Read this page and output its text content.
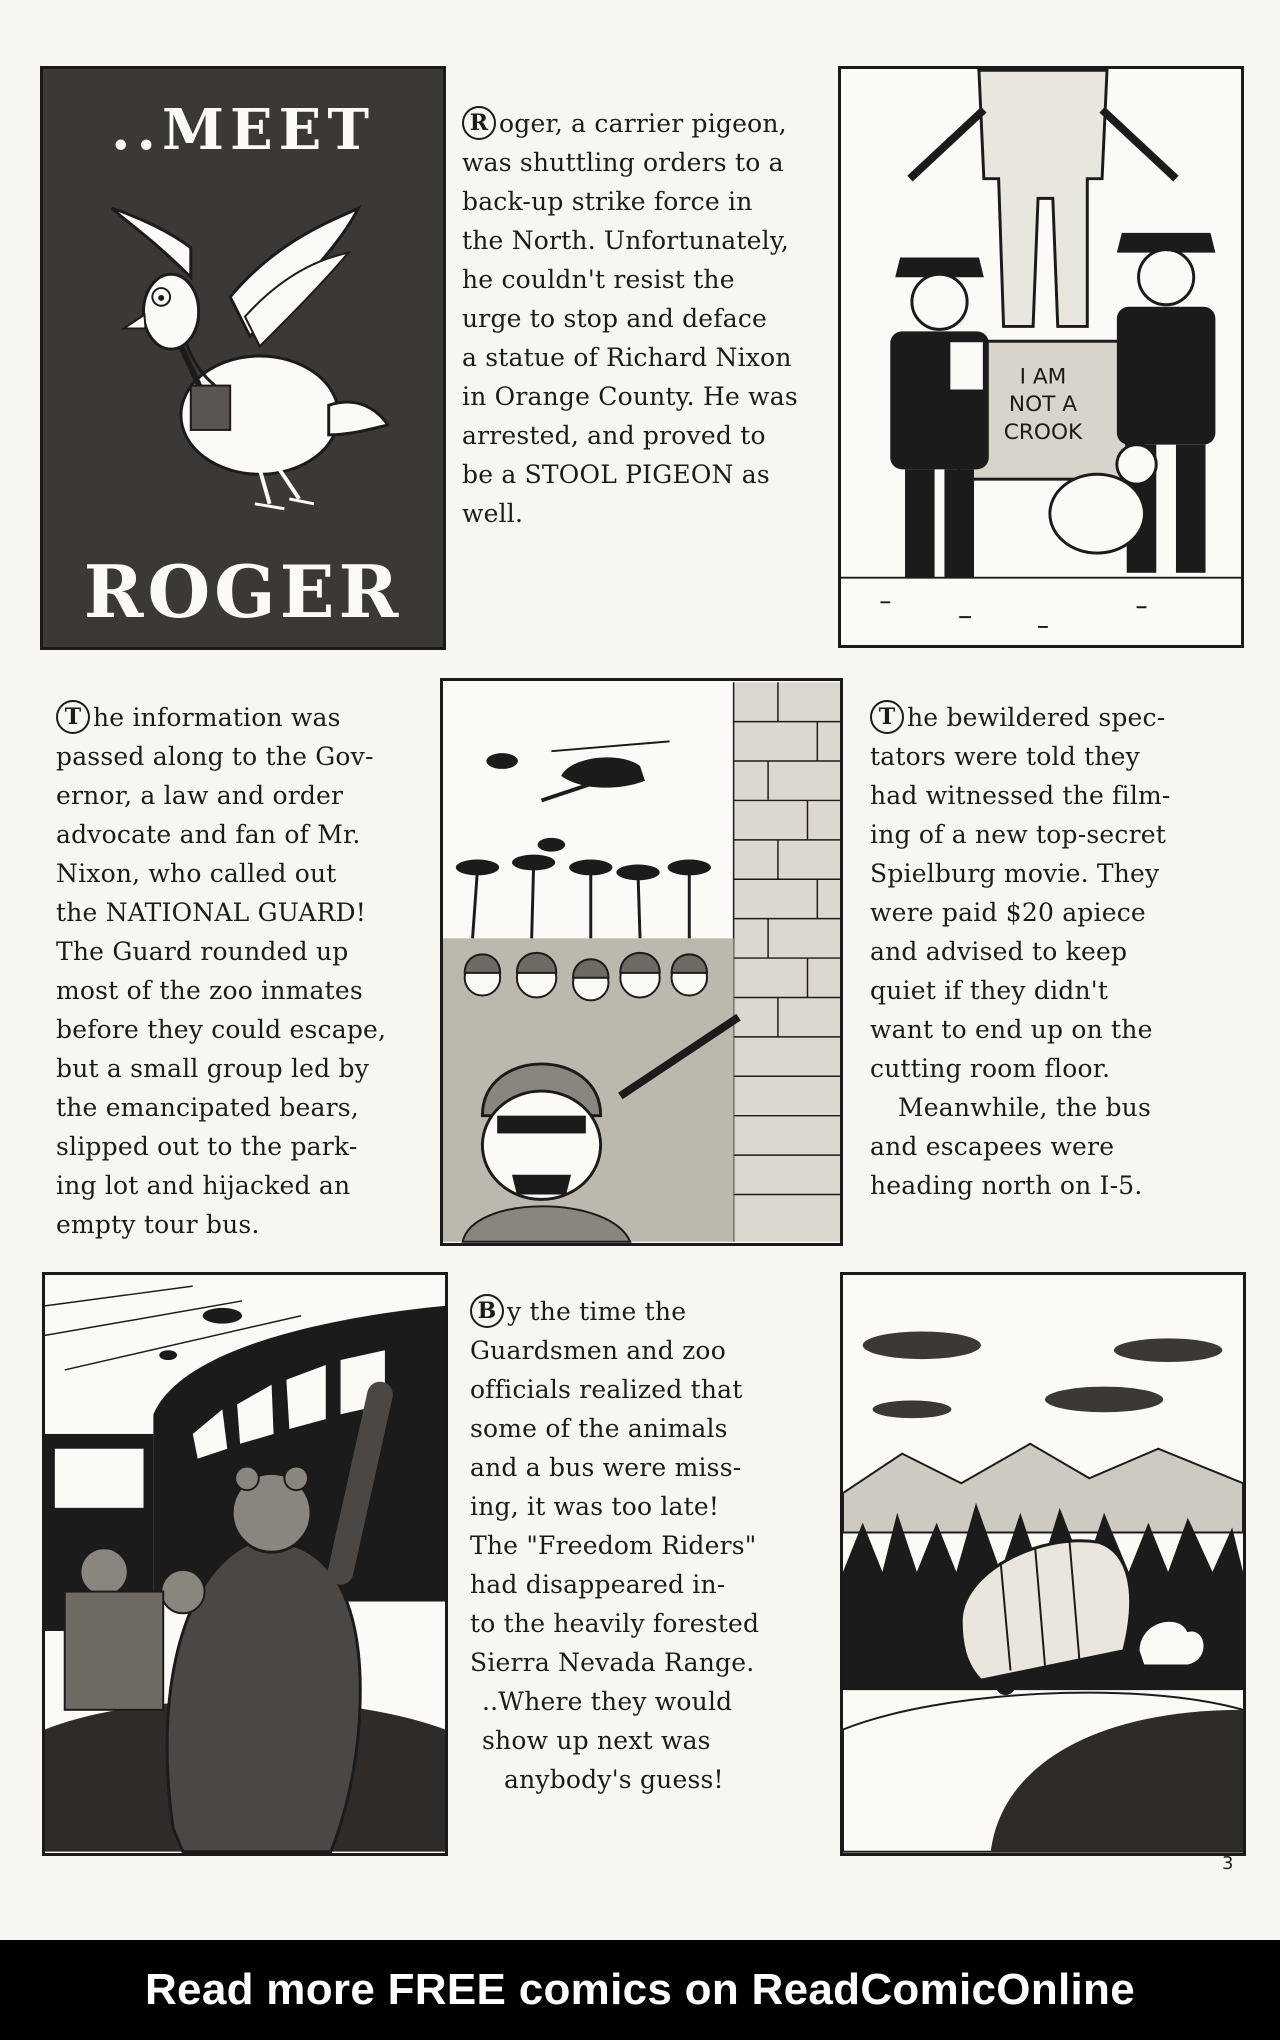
..MEET
ROGER

R oger, a carrier pigeon,

was shuttling orders to a

back-up strike force in

the North. Unfortunately,

he couldn't resist the

urge to stop and deface

a statue of Richard Nixon

in Orange County. He was

arrested, and proved to

be a STOOL PIGEON as

well.

I AM
NOT A
CROOK

T he information was

passed along to the Gov-

ernor, a law and order

advocate and fan of Mr.

Nixon, who called out

the NATIONAL GUARD!

The Guard rounded up

most of the zoo inmates

before they could escape,

but a small group led by

the emancipated bears,

slipped out to the park-

ing lot and hijacked an

empty tour bus.

T he bewildered spec-

tators were told they

had witnessed the film-

ing of a new top-secret

Spielburg movie. They

were paid $20 apiece

and advised to keep

quiet if they didn't

want to end up on the

cutting room floor.

Meanwhile, the bus

and escapees were

heading north on I-5.

B y the time the

Guardsmen and zoo

officials realized that

some of the animals

and a bus were miss-

ing, it was too late!

The "Freedom Riders"

had disappeared in-

to the heavily forested

Sierra Nevada Range.

..Where they would

show up next was

anybody's guess!

3
Read more FREE comics on ReadComicOnline
